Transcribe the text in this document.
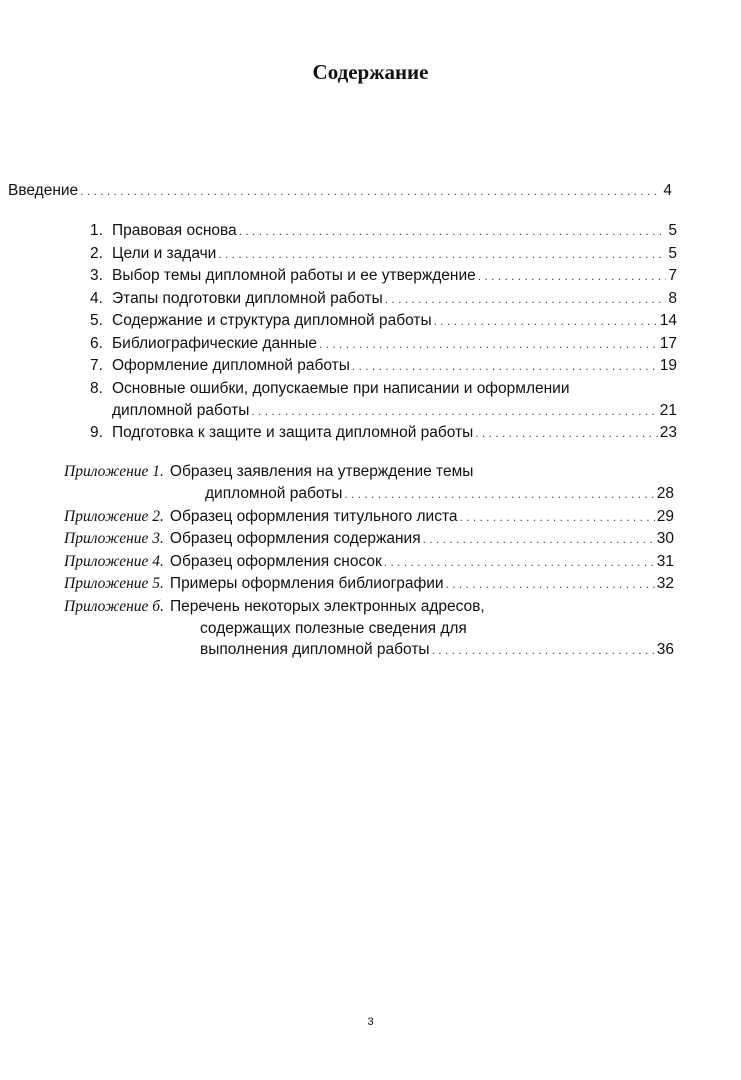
Содержание
Введение . . .	4
1. Правовая основа . . .	5
2. Цели и задачи . . .	5
3. Выбор темы дипломной работы и ее утверждение . . .	7
4. Этапы подготовки дипломной работы . . .	8
5. Содержание и структура дипломной работы . . .	14
6. Библиографические данные . . .	17
7. Оформление дипломной работы . . .	19
8. Основные ошибки, допускаемые при написании и оформлении
дипломной работы . . .	21
9. Подготовка к защите и защита дипломной работы . . .	23
Приложение 1. Образец заявления на утверждение темы
дипломной работы . . .	28
Приложение 2. Образец оформления титульного листа . . .	29
Приложение 3. Образец оформления содержания . . .	30
Приложение 4. Образец оформления сносок . . .	31
Приложение 5. Примеры оформления библиографии . . .	32
Приложение б. Перечень некоторых электронных адресов,
содержащих полезные сведения для
выполнения дипломной работы . . .	36
3
